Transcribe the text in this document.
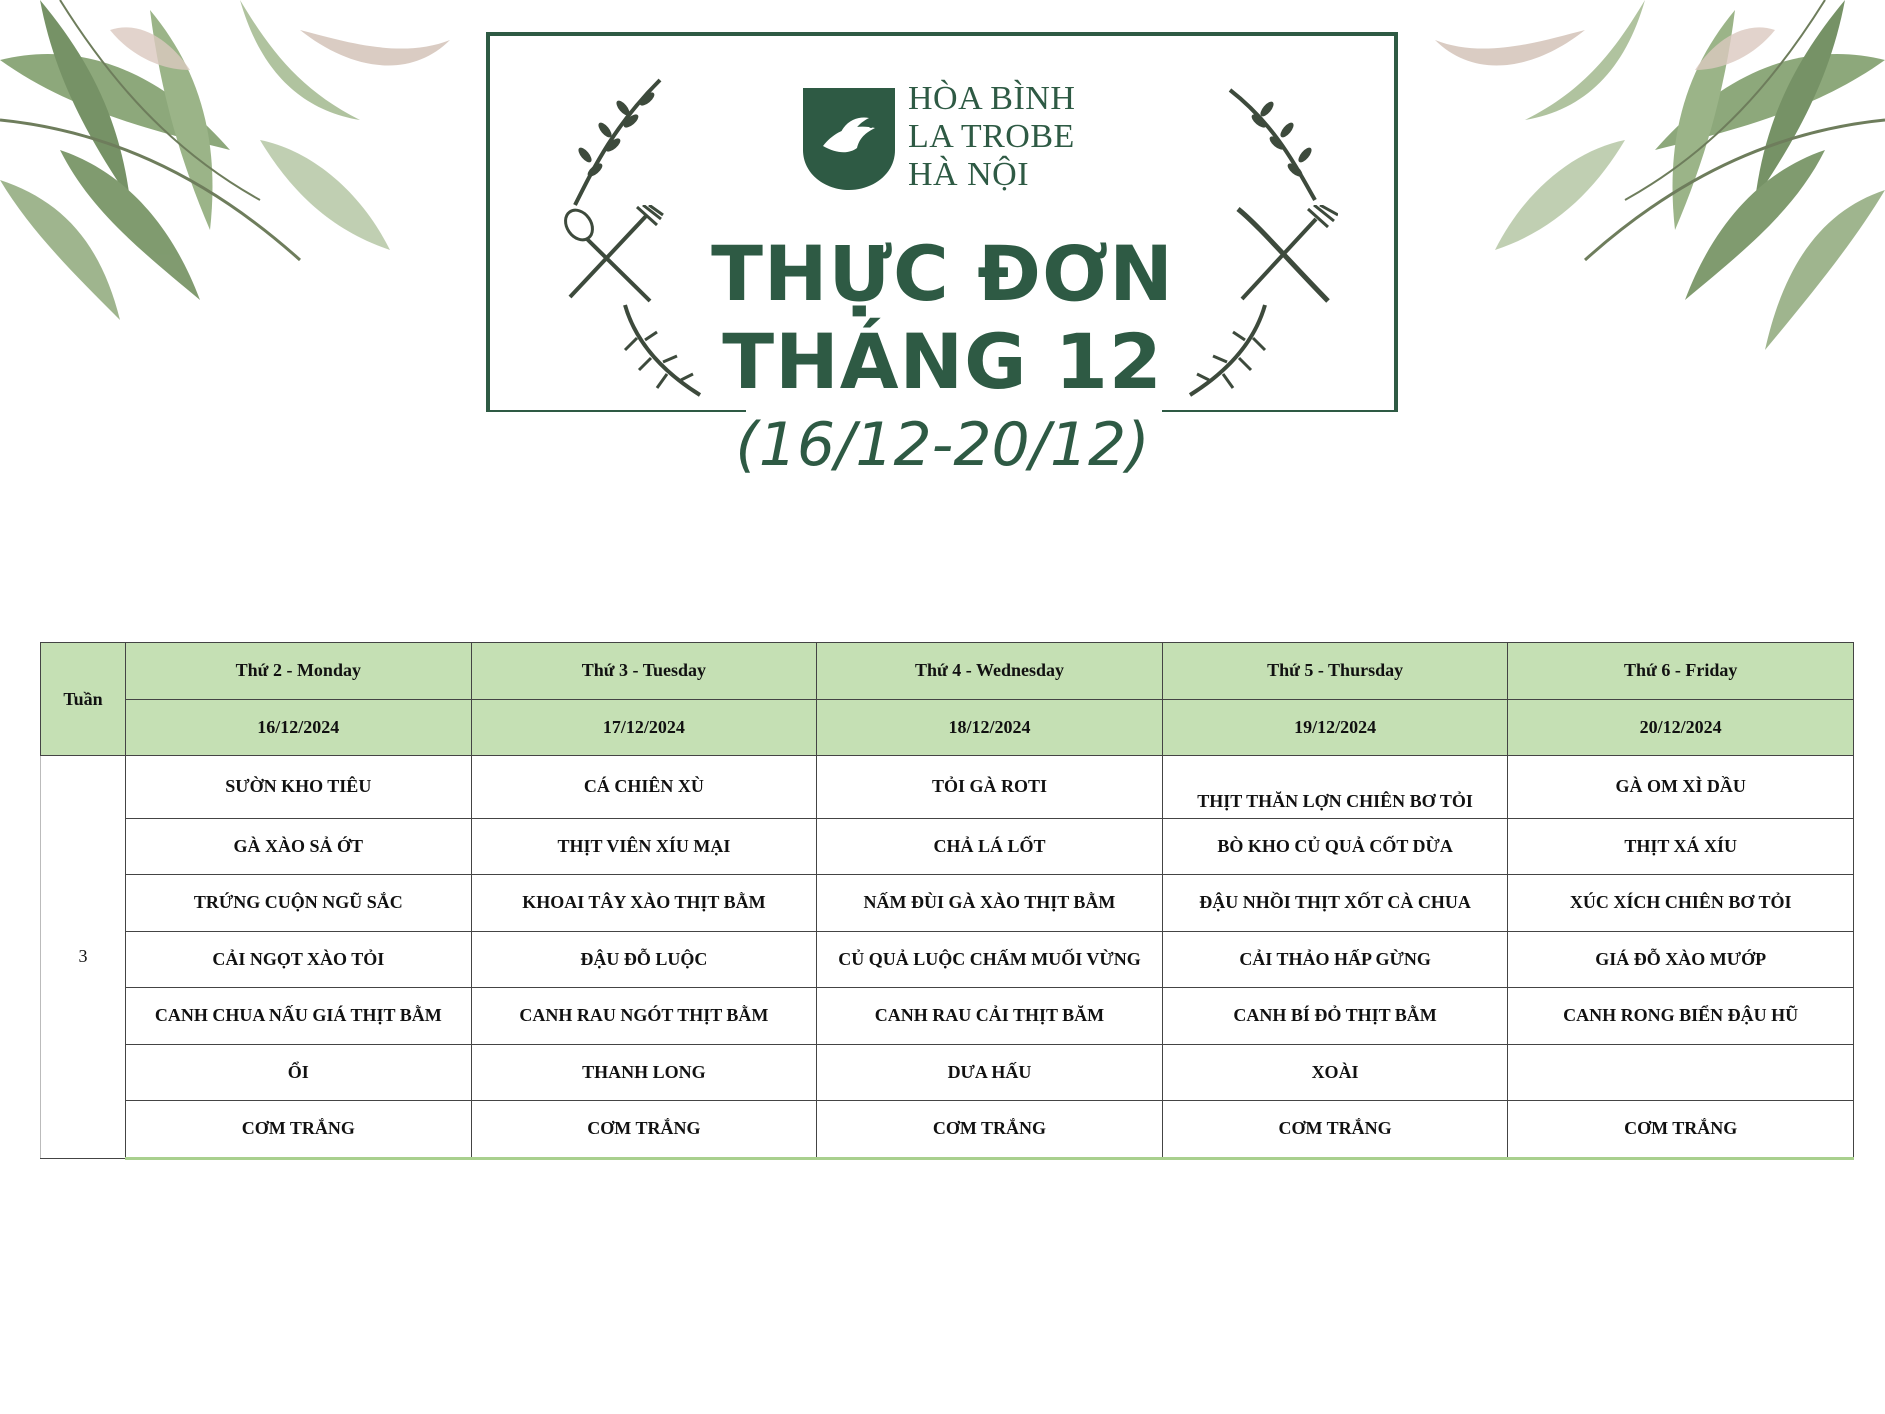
HÒA BÌNH
LA TROBE
HÀ NỘI
THỰC ĐƠN
THÁNG 12
(16/12-20/12)
Tuần	Thứ 2 - Monday	Thứ 3 - Tuesday	Thứ 4 - Wednesday	Thứ 5 - Thursday	Thứ 6 - Friday
	16/12/2024	17/12/2024	18/12/2024	19/12/2024	20/12/2024
3	SƯỜN KHO TIÊU	CÁ CHIÊN XÙ	TỎI GÀ ROTI	THỊT THĂN LỢN CHIÊN BƠ TỎI	GÀ OM XÌ DẦU
	GÀ XÀO SẢ ỚT	THỊT VIÊN XÍU MẠI	CHẢ LÁ LỐT	BÒ KHO CỦ QUẢ CỐT DỪA	THỊT XÁ XÍU
	TRỨNG CUỘN NGŨ SẮC	KHOAI TÂY XÀO THỊT BẰM	NẤM ĐÙI GÀ XÀO THỊT BẰM	ĐẬU NHỒI THỊT XỐT CÀ CHUA	XÚC XÍCH CHIÊN BƠ TỎI
	CẢI NGỌT XÀO TỎI	ĐẬU ĐỖ LUỘC	CỦ QUẢ LUỘC CHẤM MUỐI VỪNG	CẢI THẢO HẤP GỪNG	GIÁ ĐỖ XÀO MƯỚP
	CANH CHUA NẤU GIÁ THỊT BẰM	CANH RAU NGÓT THỊT BẰM	CANH RAU CẢI THỊT BĂM	CANH BÍ ĐỎ THỊT BẰM	CANH RONG BIỂN ĐẬU HŨ
	ỔI	THANH LONG	DƯA HẤU	XOÀI	
	CƠM TRẮNG	CƠM TRẮNG	CƠM TRẮNG	CƠM TRẮNG	CƠM TRẮNG
